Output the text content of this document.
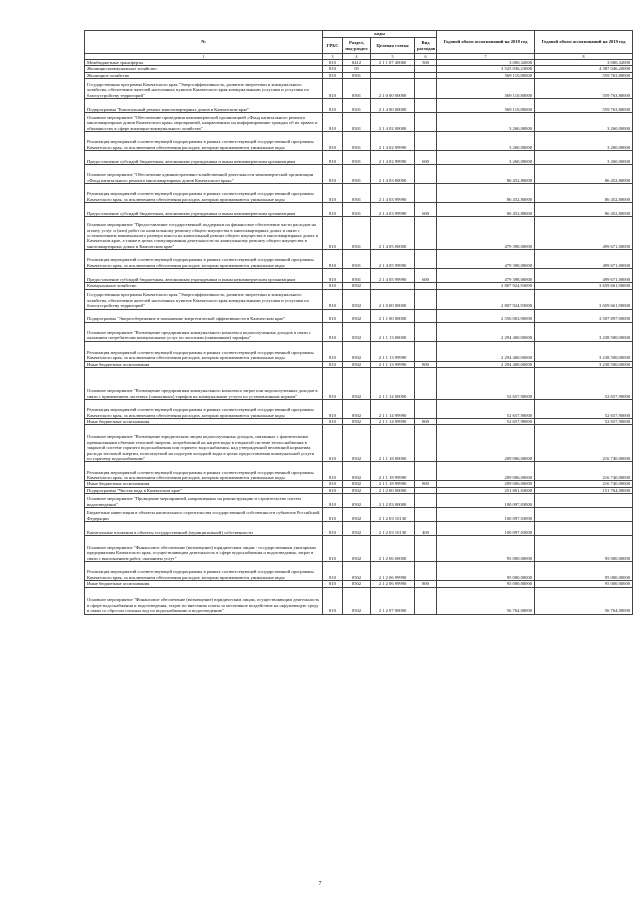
№	коды				Годовой объем ассигнований на 2018 год	Годовой объем ассигнований на 2019 год
	ГРБС	Раздел, под-раздел	Целевая статья	Вид расходов		
1	3	4	5	6	7	8
Межбюджетные трансферты	810	0412	2 1 1 07 40060	500	3 000,32000	3 000,32000
Жилищно-коммунальное хозяйство	810	05			3 525 036,23000	4 387 046,20000
Жилищное хозяйство	810	0501			569 110,80000	559 763,80000
Государственная программа Камчатского края "Энергоэффективность, развитие энергетики и коммунального хозяйства, обеспечение жителей населенных пунктов Камчатского края коммунальными услугами и услугами по благоустройству территорий"	810	0501	2 1 0 00 00000		569 110,80000	559 763,80000
Подпрограмма "Капитальный ремонт многоквартирных домов в Камчатском крае"	810	0501	2 1 4 00 00000		569 110,80000	559 763,80000
Основное мероприятие "Обеспечение проведения некоммерческой организацией «Фонд капитального ремонта многоквартирных домов Камчатского края» мероприятий, направленных на информирование граждан об их правах и обязанностях в сфере жилищно-коммунального хозяйства"	810	0501	2 1 4 02 00000		3 260,00000	3 260,00000
Реализация мероприятий соответствующей подпрограммы в рамках соответствующей государственной программы Камчатского края, за исключением обеспечения расходов, которым присваиваются уникальные коды	810	0501	2 1 4 02 99990		3 260,00000	3 260,00000
Предоставление субсидий бюджетным, автономным учреждениям и иным некоммерческим организациям	810	0501	2 1 4 02 99990	600	3 260,00000	3 260,00000
Основное мероприятие "Обеспечение административно-хозяйственной деятельности некоммерческой организации «Фонд капитального ремонта многоквартирных домов Камчатского края»"	810	0501	2 1 4 03 00000		86 452,80000	86 452,80000
Реализация мероприятий соответствующей подпрограммы в рамках соответствующей государственной программы Камчатского края, за исключением обеспечения расходов, которым присваиваются уникальные коды	810	0501	2 1 4 03 99990		86 452,80000	86 452,80000
Предоставление субсидий бюджетным, автономным учреждениям и иным некоммерческим организациям	810	0501	2 1 4 03 99990	600	86 452,80000	86 452,80000
Основное мероприятие "Предоставление государственной поддержки на финансовое обеспечение части расходов на оплату услуг и (или) работ по капитальному ремонту общего имущества в многоквартирных домах в связи с установлением минимального размера взноса на капитальный ремонт общего имущества в многоквартирных домах в Камчатском крае, а также в целях стимулирования деятельности по капитальному ремонту общего имущества в многоквартирных домах в Камчатском крае"	810	0501	2 1 4 05 00000		479 398,00000	499 671,00000
Реализация мероприятий соответствующей подпрограммы в рамках соответствующей государственной программы Камчатского края, за исключением обеспечения расходов, которым присваиваются уникальные коды	810	0501	2 1 4 05 99990		479 398,00000	499 671,00000
Предоставление субсидий бюджетным, автономным учреждениям и иным некоммерческим организациям	810	0501	2 1 4 05 99990	600	479 398,00000	499 671,00000
Коммунальное хозяйство	810	0502			2 807 924,93000	3 659 661,90000
Государственная программа Камчатского края "Энергоэффективность, развитие энергетики и коммунального хозяйства, обеспечение жителей населенных пунктов Камчатского края коммунальными услугами и услугами по благоустройству территорий"	810	0502	2 1 0 00 00000		2 807 924,93000	3 659 661,90000
Подпрограмма "Энергосбережение и повышение энергетической эффективности в Камчатском крае"	810	0502	2 1 1 00 00000		2 556 063,90000	3 507 897,90000
Основное мероприятие "Возмещение предприятиям коммунального комплекса недополученных доходов в связи с оказанием потребителям коммунальных услуг по льготным (сниженным) тарифам"	810	0502	2 1 1 13 00000		2 294 400,00000	3 238 500,00000
Реализация мероприятий соответствующей подпрограммы в рамках соответствующей государственной программы Камчатского края, за исключением обеспечения расходов, которым присваиваются уникальные коды	810	0502	2 1 1 13 99990		2 294 400,00000	3 238 500,00000
Иные бюджетные ассигнования	810	0502	2 1 1 13 99990	800	2 294 400,00000	3 238 500,00000
Основное мероприятие "Возмещение предприятиям коммунального комплекса затрат или недополученных доходов в связи с применением льготных (сниженных) тарифов на коммунальные услуги по установленным нормам"	810	0502	2 1 1 14 00000		52 657,90000	52 657,90000
Реализация мероприятий соответствующей подпрограммы в рамках соответствующей государственной программы Камчатского края, за исключением обеспечения расходов, которым присваиваются уникальные коды	810	0502	2 1 1 14 99990		52 657,90000	52 657,90000
Иные бюджетные ассигнования	810	0502	2 1 1 14 99990	800	52 657,90000	52 657,90000
Основное мероприятие "Возмещение юридическим лицам недополученных доходов, связанных с фактическими превышениями объемов тепловой энергии, потребленной на нагрев воды в открытой системе теплоснабжения в закрытой системе горячего водоснабжения или горячего водоснабжения, над утвержденной величиной норматива расхода тепловой энергии, используемой на подогрев холодной воды в целях предоставления коммунальной услуги по горячему водоснабжению"	810	0502	2 1 1 18 00000		209 006,00000	216 740,00000
Реализация мероприятий соответствующей подпрограммы в рамках соответствующей государственной программы Камчатского края, за исключением обеспечения расходов, которым присваиваются уникальные коды	810	0502	2 1 1 18 99990		209 006,00000	216 740,00000
Иные бюджетные ассигнования	810	0502	2 1 1 18 99990	800	209 006,00000	216 740,00000
Подпрограмма "Чистая вода в Камчатском крае"	810	0502	2 1 2 00 00000		251 861,03000	151 764,00000
Основное мероприятие "Проведение мероприятий, направленных на реконструкцию и строительство систем водоотведения"	810	0502	2 1 2 03 00000		100 097,03000	
Бюджетные инвестиции в объекты капитального строительства государственной собственности субъектов Российской Федерации	810	0502	2 1 2 03 10130		100 097,03000	
Капитальные вложения в объекты государственной (муниципальной) собственности	810	0502	2 1 2 03 10130	400	100 097,03000	
Основное мероприятие "Финансовое обеспечение (возмещение) юридическим лицам - государственным унитарным предприятиям Камчатского края, осуществляющим деятельность в сфере водоснабжения и водоотведения, затрат в связи с выполнением работ, оказанием услуг"	810	0502	2 1 2 06 00000		95 000,00000	95 000,00000
Реализация мероприятий соответствующей подпрограммы в рамках соответствующей государственной программы Камчатского края, за исключением обеспечения расходов, которым присваиваются уникальные коды	810	0502	2 1 2 06 99990		95 000,00000	95 000,00000
Иные бюджетные ассигнования	810	0502	2 1 2 06 99990	800	95 000,00000	95 000,00000
Основное мероприятие "Финансовое обеспечение (возмещение) юридическим лицам, осуществляющим деятельность в сфере водоснабжения и водоотведения, затрат по внесению платы за негативное воздействие на окружающую среду в связи со сбросом сточных вод по водоснабжению и водоотведению"	810	0502	2 1 2 07 00000		56 764,00000	56 764,00000
7
